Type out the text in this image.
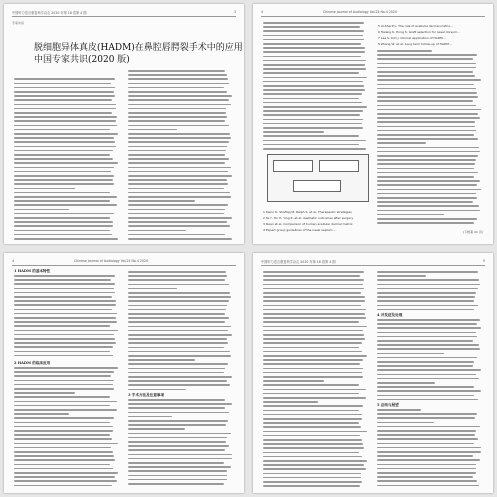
中国听力语言康复科学杂志 2020 年第 18 卷第 4 期	3
专家共识
脱细胞异体真皮(HADM)在鼻腔唇腭裂手术中的应用
中国专家共识(2020 版)
4	Chinese Journal of Audiology Vol.24 No.4 2020
1 Kwon O, Shafiqq M, Ralph S, et al. Therapeutic strategies
2 Ta Y, Ho Yi, Ying Z, et al. Aesthetic outcomes after surgery
3 Dean et al. Comparison of human acellular dermal matrix
4 Expert group guidelines of the nasal septum ...
5 Al-Sharif L. The role of acellular dermal matrix...
6 Hwang K, Hong S. Graft selection for nasal dorsum...
7 Lee S, Kim J. Clinical application of HADM...
8 Zhang W, et al. Long term follow-up of HADM...
(下转第 41 页)
4	Chinese Journal of Audiology Vol.24 No.4 2020
1 HADM 的基本特性
2 HADM 的临床应用
3 手术方法及注意事项
中国听力语言康复科学杂志 2020 年第 18 卷第 4 期	5
4 并发症及处理
5 总结与展望
